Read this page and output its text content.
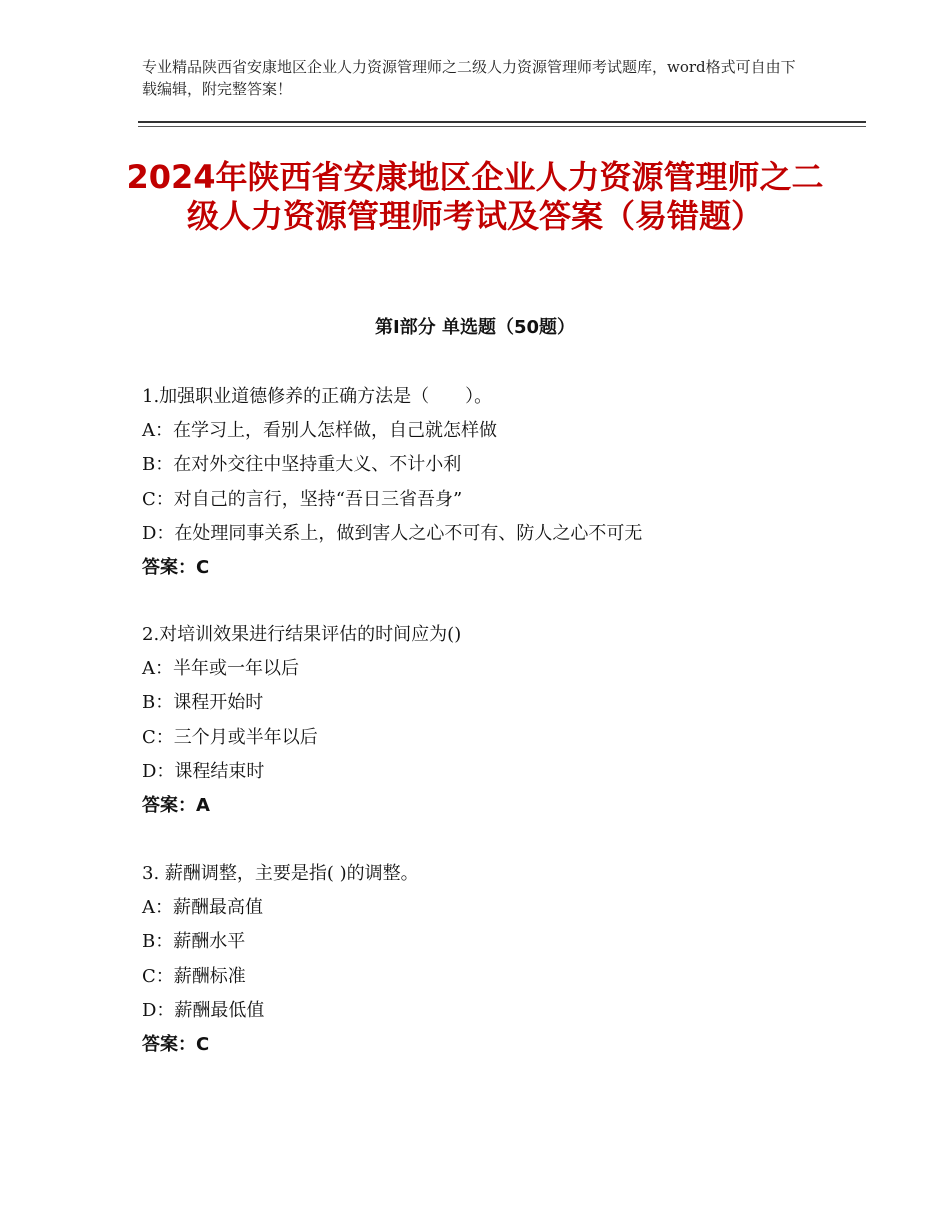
专业精品陕西省安康地区企业人力资源管理师之二级人力资源管理师考试题库，word格式可自由下载编辑，附完整答案！
2024年陕西省安康地区企业人力资源管理师之二级人力资源管理师考试及答案（易错题）
第Ⅰ部分 单选题（50题）
1.加强职业道德修养的正确方法是（　　）。
A：在学习上，看别人怎样做，自己就怎样做
B：在对外交往中坚持重大义、不计小利
C：对自己的言行，坚持“吾日三省吾身”
D：在处理同事关系上，做到害人之心不可有、防人之心不可无
答案：C
2.对培训效果进行结果评估的时间应为()
A：半年或一年以后
B：课程开始时
C：三个月或半年以后
D：课程结束时
答案：A
3. 薪酬调整，主要是指( )的调整。
A：薪酬最高值
B：薪酬水平
C：薪酬标准
D：薪酬最低值
答案：C
